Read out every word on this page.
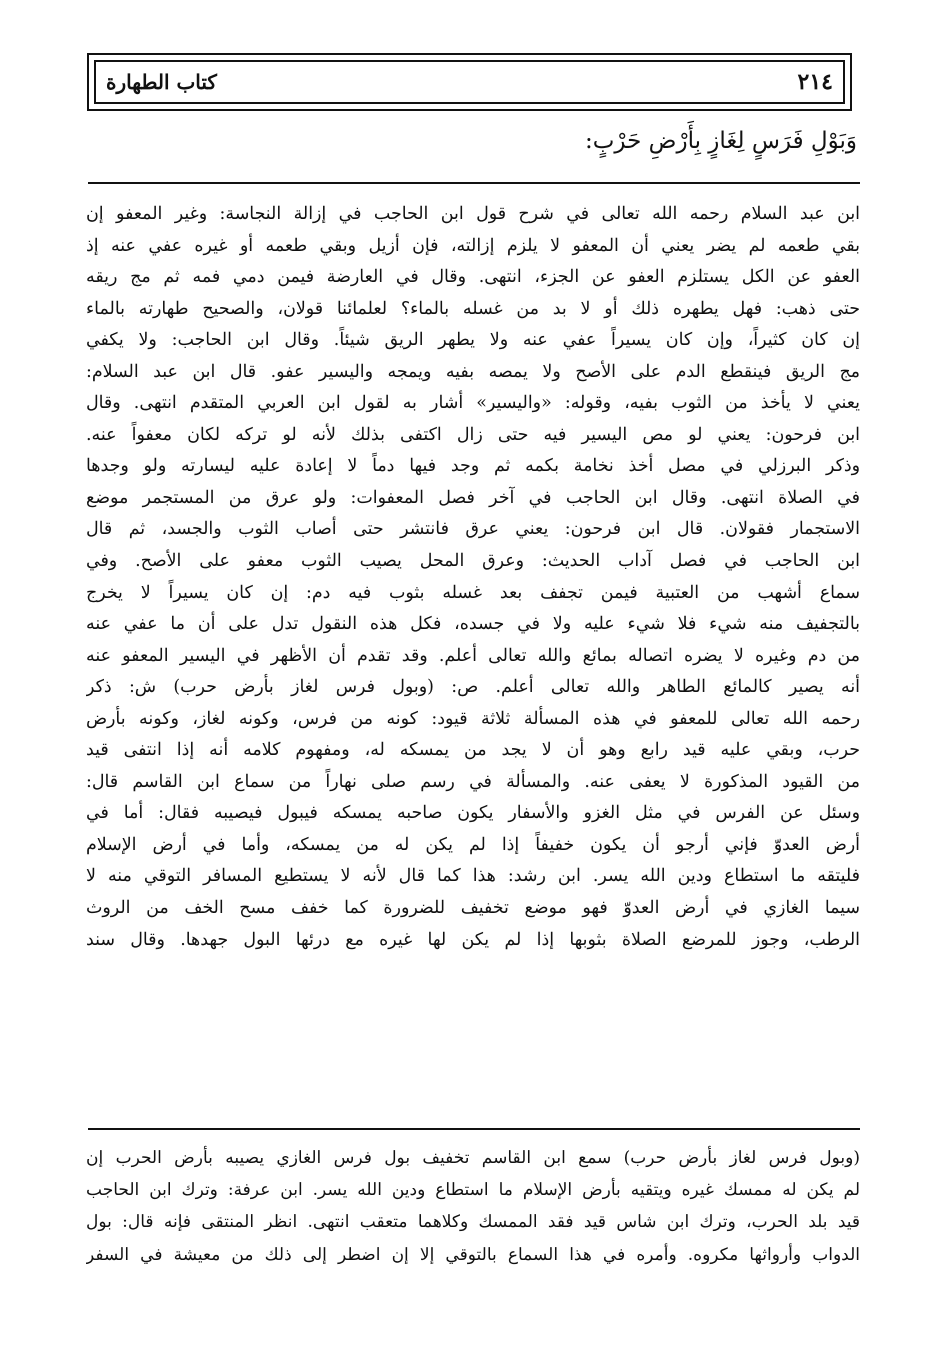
كتاب الطهارة	٢١٤
وَبَوْلِ فَرَسٍ لِغَازٍ بِأَرْضِ حَرْبٍ:
ابن عبد السلام رحمه الله تعالى في شرح قول ابن الحاجب في إزالة النجاسة: وغير المعفو إن
بقي طعمه لم يضر يعني أن المعفو لا يلزم إزالته، فإن أزيل وبقي طعمه أو غيره عفي عنه إذ
العفو عن الكل يستلزم العفو عن الجزء، انتهى. وقال في العارضة فيمن دمي فمه ثم مج ريقه
حتى ذهب: فهل يطهره ذلك أو لا بد من غسله بالماء؟ لعلمائنا قولان، والصحيح طهارته بالماء
إن كان كثيراً، وإن كان يسيراً عفي عنه ولا يطهر الريق شيئاً. وقال ابن الحاجب: ولا يكفي
مج الريق فينقطع الدم على الأصح ولا يمصه بفيه ويمجه واليسير عفو. قال ابن عبد السلام:
يعني لا يأخذ من الثوب بفيه، وقوله: «واليسير» أشار به لقول ابن العربي المتقدم انتهى. وقال
ابن فرحون: يعني لو مص اليسير فيه حتى زال اكتفى بذلك لأنه لو تركه لكان معفواً عنه.
وذكر البرزلي في مصل أخذ نخامة بكمه ثم وجد فيها دماً لا إعادة عليه ليسارته ولو وجدها
في الصلاة انتهى. وقال ابن الحاجب في آخر فصل المعفوات: ولو عرق من المستجمر موضع
الاستجمار فقولان. قال ابن فرحون: يعني عرق فانتشر حتى أصاب الثوب والجسد، ثم قال
ابن الحاجب في فصل آداب الحديث: وعرق المحل يصيب الثوب معفو على الأصح. وفي
سماع أشهب من العتبية فيمن تجفف بعد غسله بثوب فيه دم: إن كان يسيراً لا يخرج
بالتجفيف منه شيء فلا شيء عليه ولا في جسده، فكل هذه النقول تدل على أن ما عفي عنه
من دم وغيره لا يضره اتصاله بمائع والله تعالى أعلم. وقد تقدم أن الأظهر في اليسير المعفو عنه
أنه يصير كالمائع الطاهر والله تعالى أعلم. ص: (وبول فرس لغاز بأرض حرب) ش: ذكر
رحمه الله تعالى للمعفو في هذه المسألة ثلاثة قيود: كونه من فرس، وكونه لغاز، وكونه بأرض
حرب، وبقي عليه قيد رابع وهو أن لا يجد من يمسكه له، ومفهوم كلامه أنه إذا انتفى قيد
من القيود المذكورة لا يعفى عنه. والمسألة في رسم صلى نهاراً من سماع ابن القاسم قال:
وسئل عن الفرس في مثل الغزو والأسفار يكون صاحبه يمسكه فيبول فيصيبه فقال: أما في
أرض العدوّ فإني أرجو أن يكون خفيفاً إذا لم يكن له من يمسكه، وأما في أرض الإسلام
فليتقه ما استطاع ودين الله يسر. ابن رشد: هذا كما قال لأنه لا يستطيع المسافر التوقي منه لا
سيما الغازي في أرض العدوّ فهو موضع تخفيف للضرورة كما خفف مسح الخف من الروث
الرطب، وجوز للمرضع الصلاة بثوبها إذا لم يكن لها غيره مع درئها البول جهدها. وقال سند
(وبول فرس لغاز بأرض حرب) سمع ابن القاسم تخفيف بول فرس الغازي يصيبه بأرض الحرب إن
لم يكن له ممسك غيره ويتقيه بأرض الإسلام ما استطاع ودين الله يسر. ابن عرفة: وترك ابن الحاجب
قيد بلد الحرب، وترك ابن شاس قيد فقد الممسك وكلاهما متعقب انتهى. انظر المنتقى فإنه قال: بول
الدواب وأرواثها مكروه. وأمره في هذا السماع بالتوقي إلا إن اضطر إلى ذلك من معيشة في السفر
